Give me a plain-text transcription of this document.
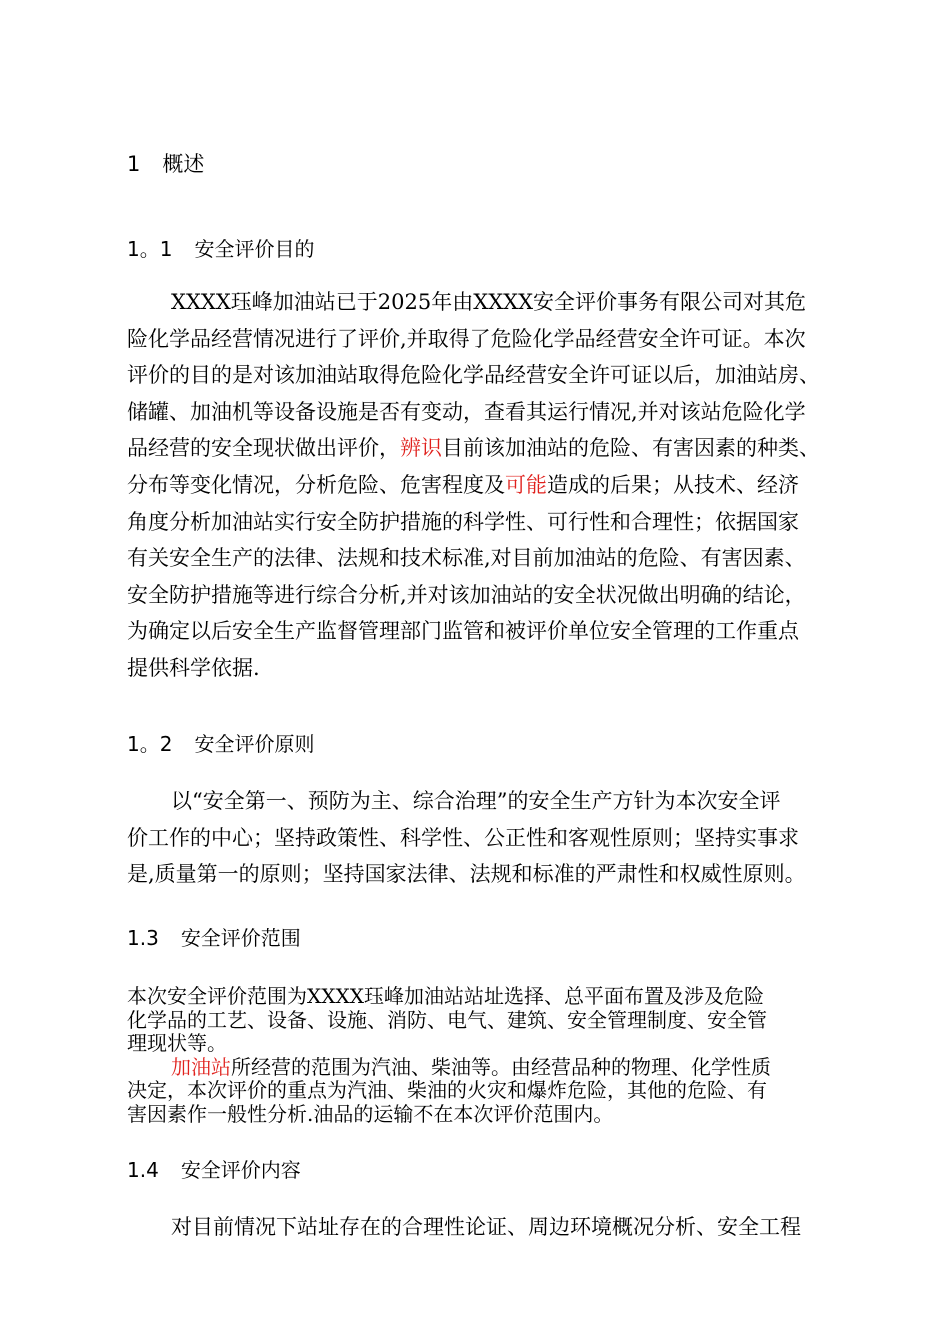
1 概述
1。1 安全评价目的
XXXX珏峰加油站已于2025年由XXXX安全评价事务有限公司对其危
险化学品经营情况进行了评价,并取得了危险化学品经营安全许可证。本次
评价的目的是对该加油站取得危险化学品经营安全许可证以后，加油站房、
储罐、加油机等设备设施是否有变动，查看其运行情况,并对该站危险化学
品经营的安全现状做出评价，辨识目前该加油站的危险、有害因素的种类、
分布等变化情况，分析危险、危害程度及可能造成的后果；从技术、经济
角度分析加油站实行安全防护措施的科学性、可行性和合理性；依据国家
有关安全生产的法律、法规和技术标准,对目前加油站的危险、有害因素、
安全防护措施等进行综合分析,并对该加油站的安全状况做出明确的结论，
为确定以后安全生产监督管理部门监管和被评价单位安全管理的工作重点
提供科学依据.
1。2 安全评价原则
以“安全第一、预防为主、综合治理”的安全生产方针为本次安全评
价工作的中心；坚持政策性、科学性、公正性和客观性原则；坚持实事求
是,质量第一的原则；坚持国家法律、法规和标准的严肃性和权威性原则。
1.3 安全评价范围
本次安全评价范围为XXXX珏峰加油站站址选择、总平面布置及涉及危险
化学品的工艺、设备、设施、消防、电气、建筑、安全管理制度、安全管
理现状等。
加油站所经营的范围为汽油、柴油等。由经营品种的物理、化学性质
决定，本次评价的重点为汽油、柴油的火灾和爆炸危险，其他的危险、有
害因素作一般性分析.油品的运输不在本次评价范围内。
1.4 安全评价内容
对目前情况下站址存在的合理性论证、周边环境概况分析、安全工程
